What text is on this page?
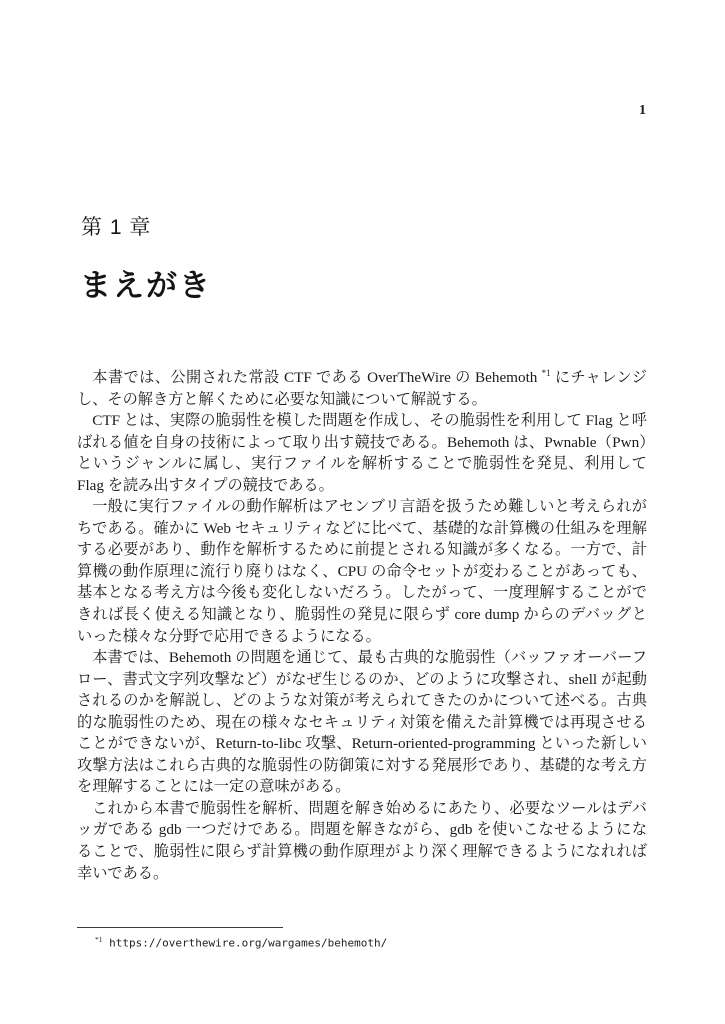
1
第 1 章
まえがき

本書では、公開された常設 CTF である OverTheWire の Behemoth $^{*1}$ にチャレンジし、その解き方と解くために必要な知識について解説する。

CTF とは、実際の脆弱性を模した問題を作成し、その脆弱性を利用して Flag と呼ばれる値を自身の技術によって取り出す競技である。Behemoth は、Pwnable（Pwn）というジャンルに属し、実行ファイルを解析することで脆弱性を発見、利用して Flag を読み出すタイプの競技である。

一般に実行ファイルの動作解析はアセンブリ言語を扱うため難しいと考えられがちである。確かに Web セキュリティなどに比べて、基礎的な計算機の仕組みを理解する必要があり、動作を解析するために前提とされる知識が多くなる。一方で、計算機の動作原理に流行り廃りはなく、CPU の命令セットが変わることがあっても、基本となる考え方は今後も変化しないだろう。したがって、一度理解することができれば長く使える知識となり、脆弱性の発見に限らず core dump からのデバッグといった様々な分野で応用できるようになる。

本書では、Behemoth の問題を通じて、最も古典的な脆弱性（バッファオーバーフロー、書式文字列攻撃など）がなぜ生じるのか、どのように攻撃され、shell が起動されるのかを解説し、どのような対策が考えられてきたのかについて述べる。古典的な脆弱性のため、現在の様々なセキュリティ対策を備えた計算機では再現させることができないが、Return-to-libc 攻撃、Return-oriented-programming といった新しい攻撃方法はこれら古典的な脆弱性の防御策に対する発展形であり、基礎的な考え方を理解することには一定の意味がある。

これから本書で脆弱性を解析、問題を解き始めるにあたり、必要なツールはデバッガである gdb 一つだけである。問題を解きながら、gdb を使いこなせるようになることで、脆弱性に限らず計算機の動作原理がより深く理解できるようになれれば幸いである。

$^{*1}$ https://overthewire.org/wargames/behemoth/
